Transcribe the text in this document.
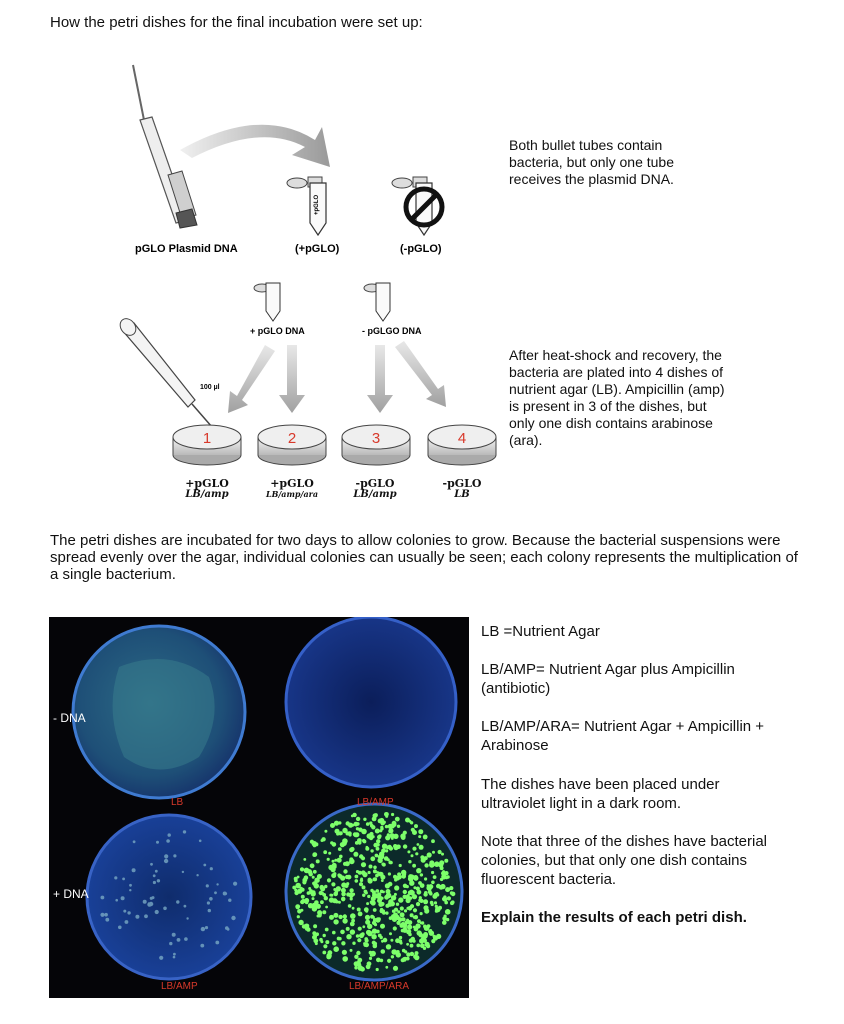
How the petri dishes for the final incubation were set up:
+pGLO
pGLO Plasmid DNA	(+pGLO)	(-pGLO)
+ pGLO DNA	- pGLGO DNA
100 µl
1	2	3	4
+pGLO
LB/amp
+pGLO
LB/amp/ara
-pGLO
LB/amp
-pGLO
LB
Both bullet tubes contain bacteria, but only one tube receives the plasmid DNA.
After heat-shock and recovery, the bacteria are plated into 4 dishes of nutrient agar (LB). Ampicillin (amp) is present in 3 of the dishes, but only one dish contains arabinose (ara).
The petri dishes are incubated for two days to allow colonies to grow. Because the bacterial suspensions were spread evenly over the agar, individual colonies can usually be seen; each colony represents the multiplication of a single bacterium.
- DNA
+ DNA
LB	LB/AMP
LB/AMP	LB/AMP/ARA
LB =Nutrient Agar
LB/AMP= Nutrient Agar plus Ampicillin (antibiotic)
LB/AMP/ARA= Nutrient Agar + Ampicillin + Arabinose
The dishes have been placed under ultraviolet light in a dark room.
Note that three of the dishes have bacterial colonies, but that only one dish contains fluorescent bacteria.
Explain the results of each petri dish.
